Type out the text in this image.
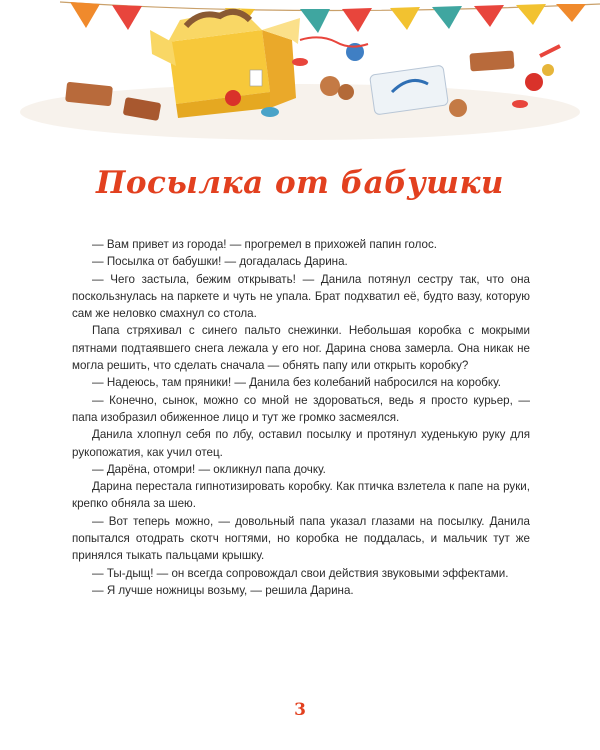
Посылка от бабушки

— Вам привет из города! — прогремел в прихожей папин голос.

— Посылка от бабушки! — догадалась Дарина.

— Чего застыла, бежим открывать! — Данила потянул сестру так, что она поскользнулась на паркете и чуть не упала. Брат подхватил её, будто вазу, которую сам же неловко смахнул со стола.

Папа стряхивал с синего пальто снежинки. Небольшая коробка с мокрыми пятнами подтаявшего снега лежала у его ног. Дарина снова замерла. Она никак не могла решить, что сделать сначала — обнять папу или открыть коробку?

— Надеюсь, там пряники! — Данила без колебаний набросился на коробку.

— Конечно, сынок, можно со мной не здороваться, ведь я просто курьер, — папа изобразил обиженное лицо и тут же громко засмеялся.

Данила хлопнул себя по лбу, оставил посылку и протянул худенькую руку для рукопожатия, как учил отец.

— Дарёна, отомри! — окликнул папа дочку.

Дарина перестала гипнотизировать коробку. Как птичка взлетела к папе на руки, крепко обняла за шею.

— Вот теперь можно, — довольный папа указал глазами на посылку. Данила попытался отодрать скотч ногтями, но коробка не поддалась, и мальчик тут же принялся тыкать пальцами крышку.

— Ты-дыщ! — он всегда сопровождал свои действия звуковыми эффектами.

— Я лучше ножницы возьму, — решила Дарина.

3
